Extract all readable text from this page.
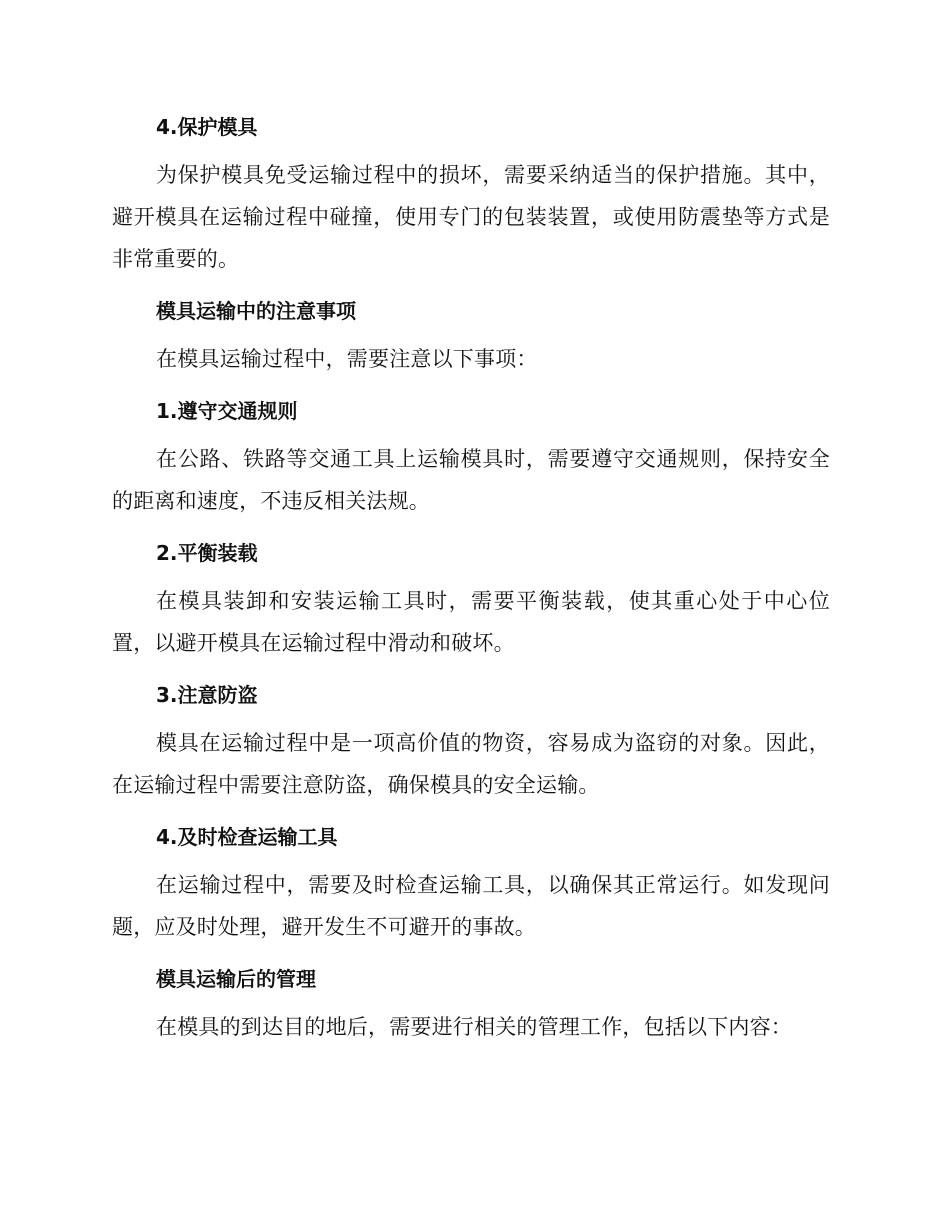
4.保护模具

为保护模具免受运输过程中的损坏，需要采纳适当的保护措施。其中，避开模具在运输过程中碰撞，使用专门的包装装置，或使用防震垫等方式是非常重要的。

模具运输中的注意事项

在模具运输过程中，需要注意以下事项：

1.遵守交通规则

在公路、铁路等交通工具上运输模具时，需要遵守交通规则，保持安全的距离和速度，不违反相关法规。

2.平衡装载

在模具装卸和安装运输工具时，需要平衡装载，使其重心处于中心位置，以避开模具在运输过程中滑动和破坏。

3.注意防盗

模具在运输过程中是一项高价值的物资，容易成为盗窃的对象。因此，在运输过程中需要注意防盗，确保模具的安全运输。

4.及时检查运输工具

在运输过程中，需要及时检查运输工具，以确保其正常运行。如发现问题，应及时处理，避开发生不可避开的事故。

模具运输后的管理

在模具的到达目的地后，需要进行相关的管理工作，包括以下内容：
